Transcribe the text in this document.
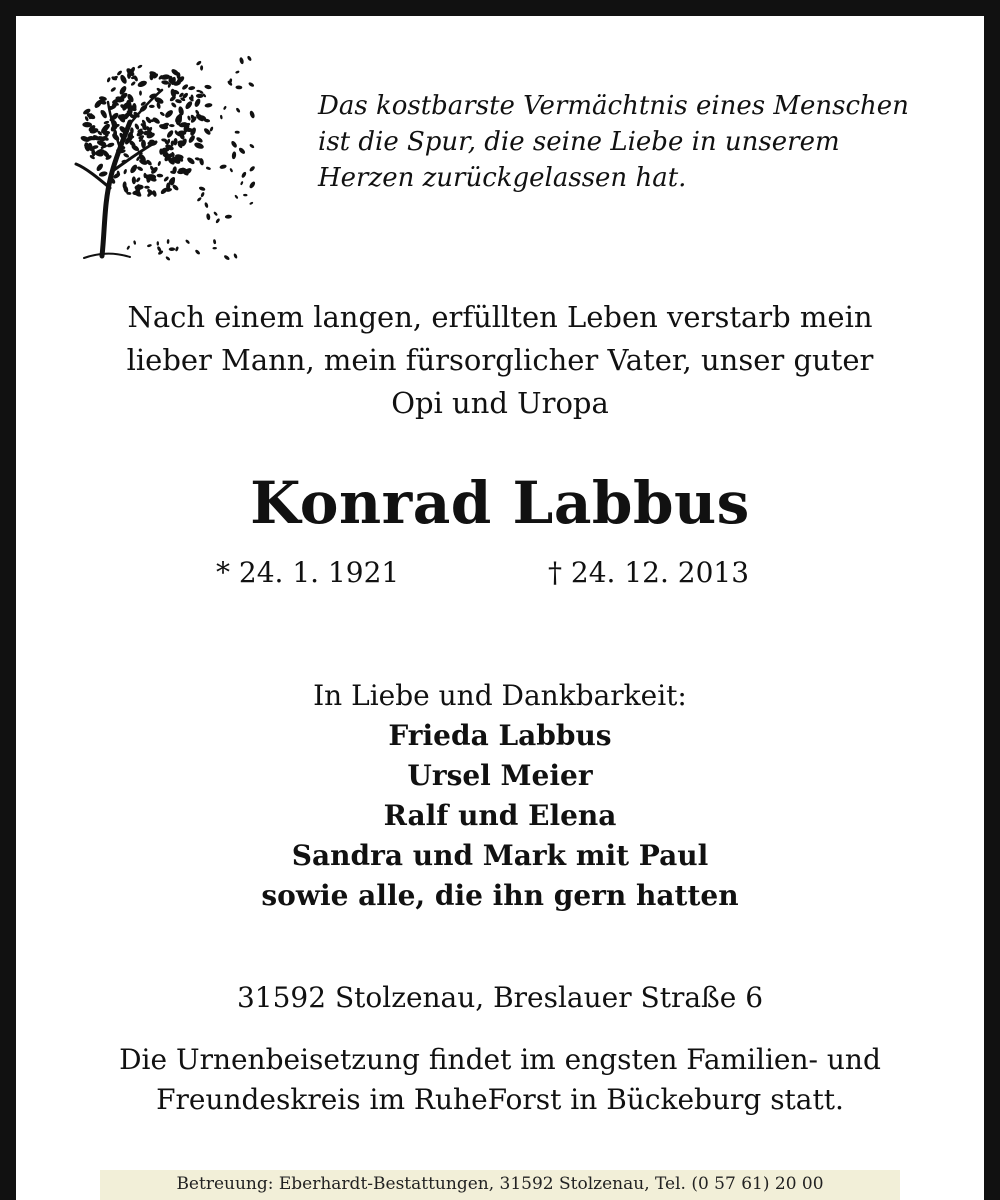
Das kostbarste Vermächtnis eines Menschen
ist die Spur, die seine Liebe in unserem
Herzen zurückgelassen hat.
Nach einem langen, erfüllten Leben verstarb mein
lieber Mann, mein fürsorglicher Vater, unser guter
Opi und Uropa
Konrad Labbus
* 24. 1. 1921	† 24. 12. 2013
In Liebe und Dankbarkeit:
Frieda Labbus
Ursel Meier
Ralf und Elena
Sandra und Mark mit Paul
sowie alle, die ihn gern hatten
31592 Stolzenau, Breslauer Straße 6
Die Urnenbeisetzung findet im engsten Familien- und
Freundeskreis im RuheForst in Bückeburg statt.
Betreuung: Eberhardt-Bestattungen, 31592 Stolzenau, Tel. (0 57 61) 20 00
